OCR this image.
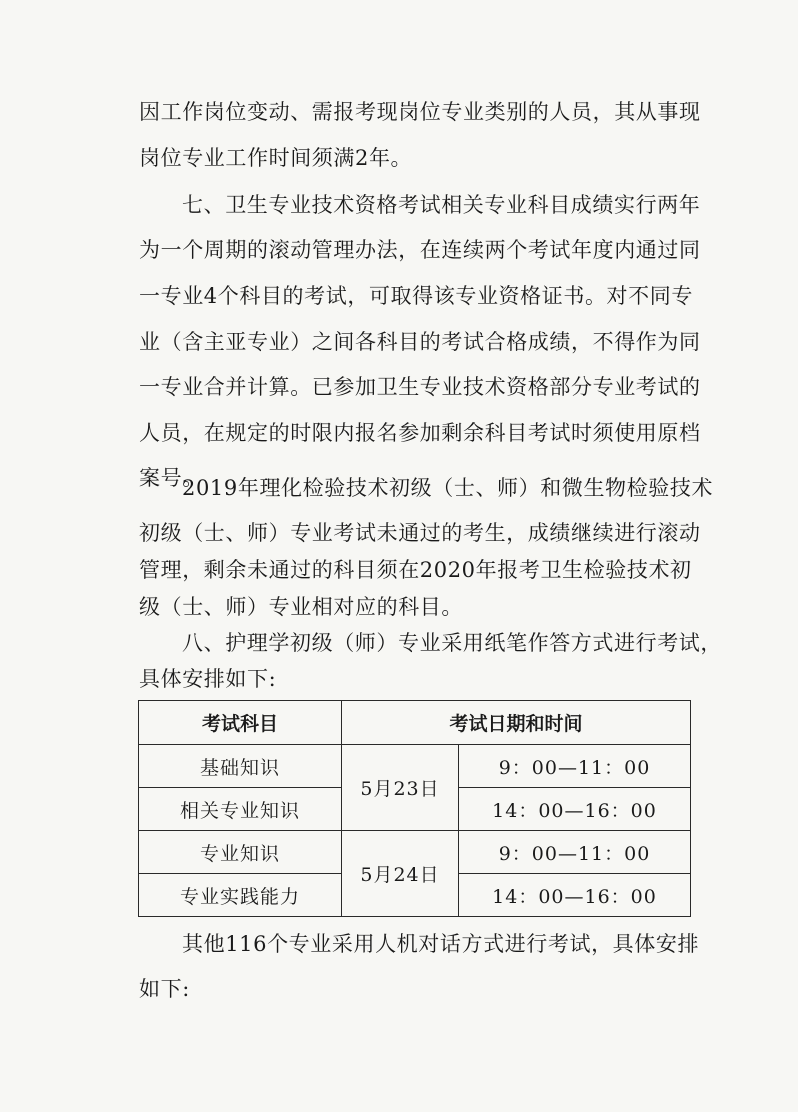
因工作岗位变动、需报考现岗位专业类别的人员，其从事现
岗位专业工作时间须满2年。
七、卫生专业技术资格考试相关专业科目成绩实行两年
为一个周期的滚动管理办法，在连续两个考试年度内通过同
一专业4个科目的考试，可取得该专业资格证书。对不同专
业（含主亚专业）之间各科目的考试合格成绩，不得作为同
一专业合并计算。已参加卫生专业技术资格部分专业考试的
人员，在规定的时限内报名参加剩余科目考试时须使用原档
案号。
2019年理化检验技术初级（士、师）和微生物检验技术
初级（士、师）专业考试未通过的考生，成绩继续进行滚动
管理，剩余未通过的科目须在2020年报考卫生检验技术初
级（士、师）专业相对应的科目。
八、护理学初级（师）专业采用纸笔作答方式进行考试，
具体安排如下:
考试科目	考试日期和时间	
基础知识	5月23日	9：00—11：00
相关专业知识		14：00—16：00
专业知识	5月24日	9：00—11：00
专业实践能力		14：00—16：00
其他116个专业采用人机对话方式进行考试，具体安排
如下:
